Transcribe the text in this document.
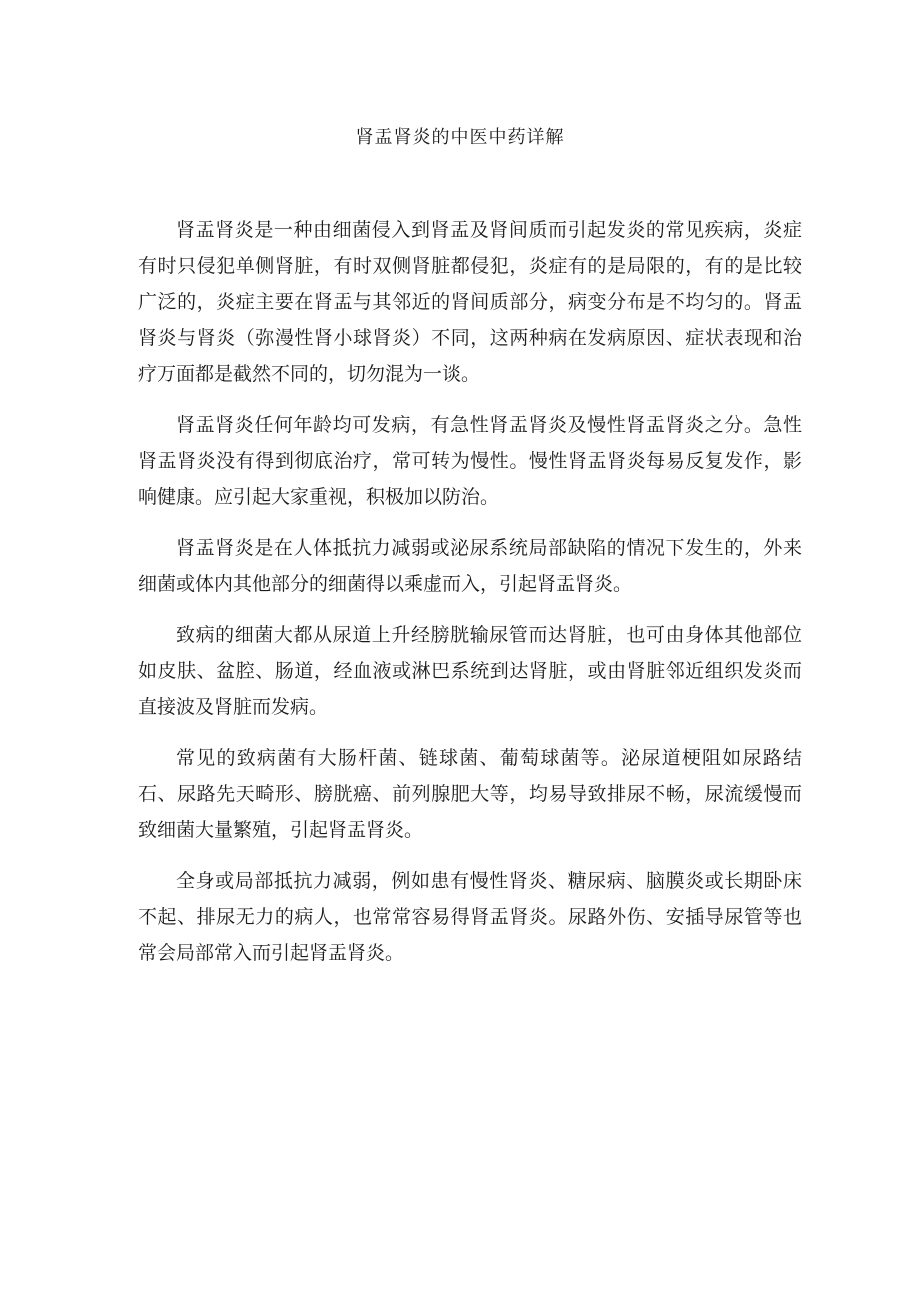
肾盂肾炎的中医中药详解

肾盂肾炎是一种由细菌侵入到肾盂及肾间质而引起发炎的常见疾病，炎症有时只侵犯单侧肾脏，有时双侧肾脏都侵犯，炎症有的是局限的，有的是比较广泛的，炎症主要在肾盂与其邻近的肾间质部分，病变分布是不均匀的。肾盂肾炎与肾炎（弥漫性肾小球肾炎）不同，这两种病在发病原因、症状表现和治疗万面都是截然不同的，切勿混为一谈。

肾盂肾炎任何年龄均可发病，有急性肾盂肾炎及慢性肾盂肾炎之分。急性肾盂肾炎没有得到彻底治疗，常可转为慢性。慢性肾盂肾炎每易反复发作，影响健康。应引起大家重视，积极加以防治。

肾盂肾炎是在人体抵抗力减弱或泌尿系统局部缺陷的情况下发生的，外来细菌或体内其他部分的细菌得以乘虚而入，引起肾盂肾炎。

致病的细菌大都从尿道上升经膀胱输尿管而达肾脏，也可由身体其他部位如皮肤、盆腔、肠道，经血液或淋巴系统到达肾脏，或由肾脏邻近组织发炎而直接波及肾脏而发病。

常见的致病菌有大肠杆菌、链球菌、葡萄球菌等。泌尿道梗阻如尿路结石、尿路先天畸形、膀胱癌、前列腺肥大等，均易导致排尿不畅，尿流缓慢而致细菌大量繁殖，引起肾盂肾炎。

全身或局部抵抗力减弱，例如患有慢性肾炎、糖尿病、脑膜炎或长期卧床不起、排尿无力的病人，也常常容易得肾盂肾炎。尿路外伤、安插导尿管等也常会局部常入而引起肾盂肾炎。
